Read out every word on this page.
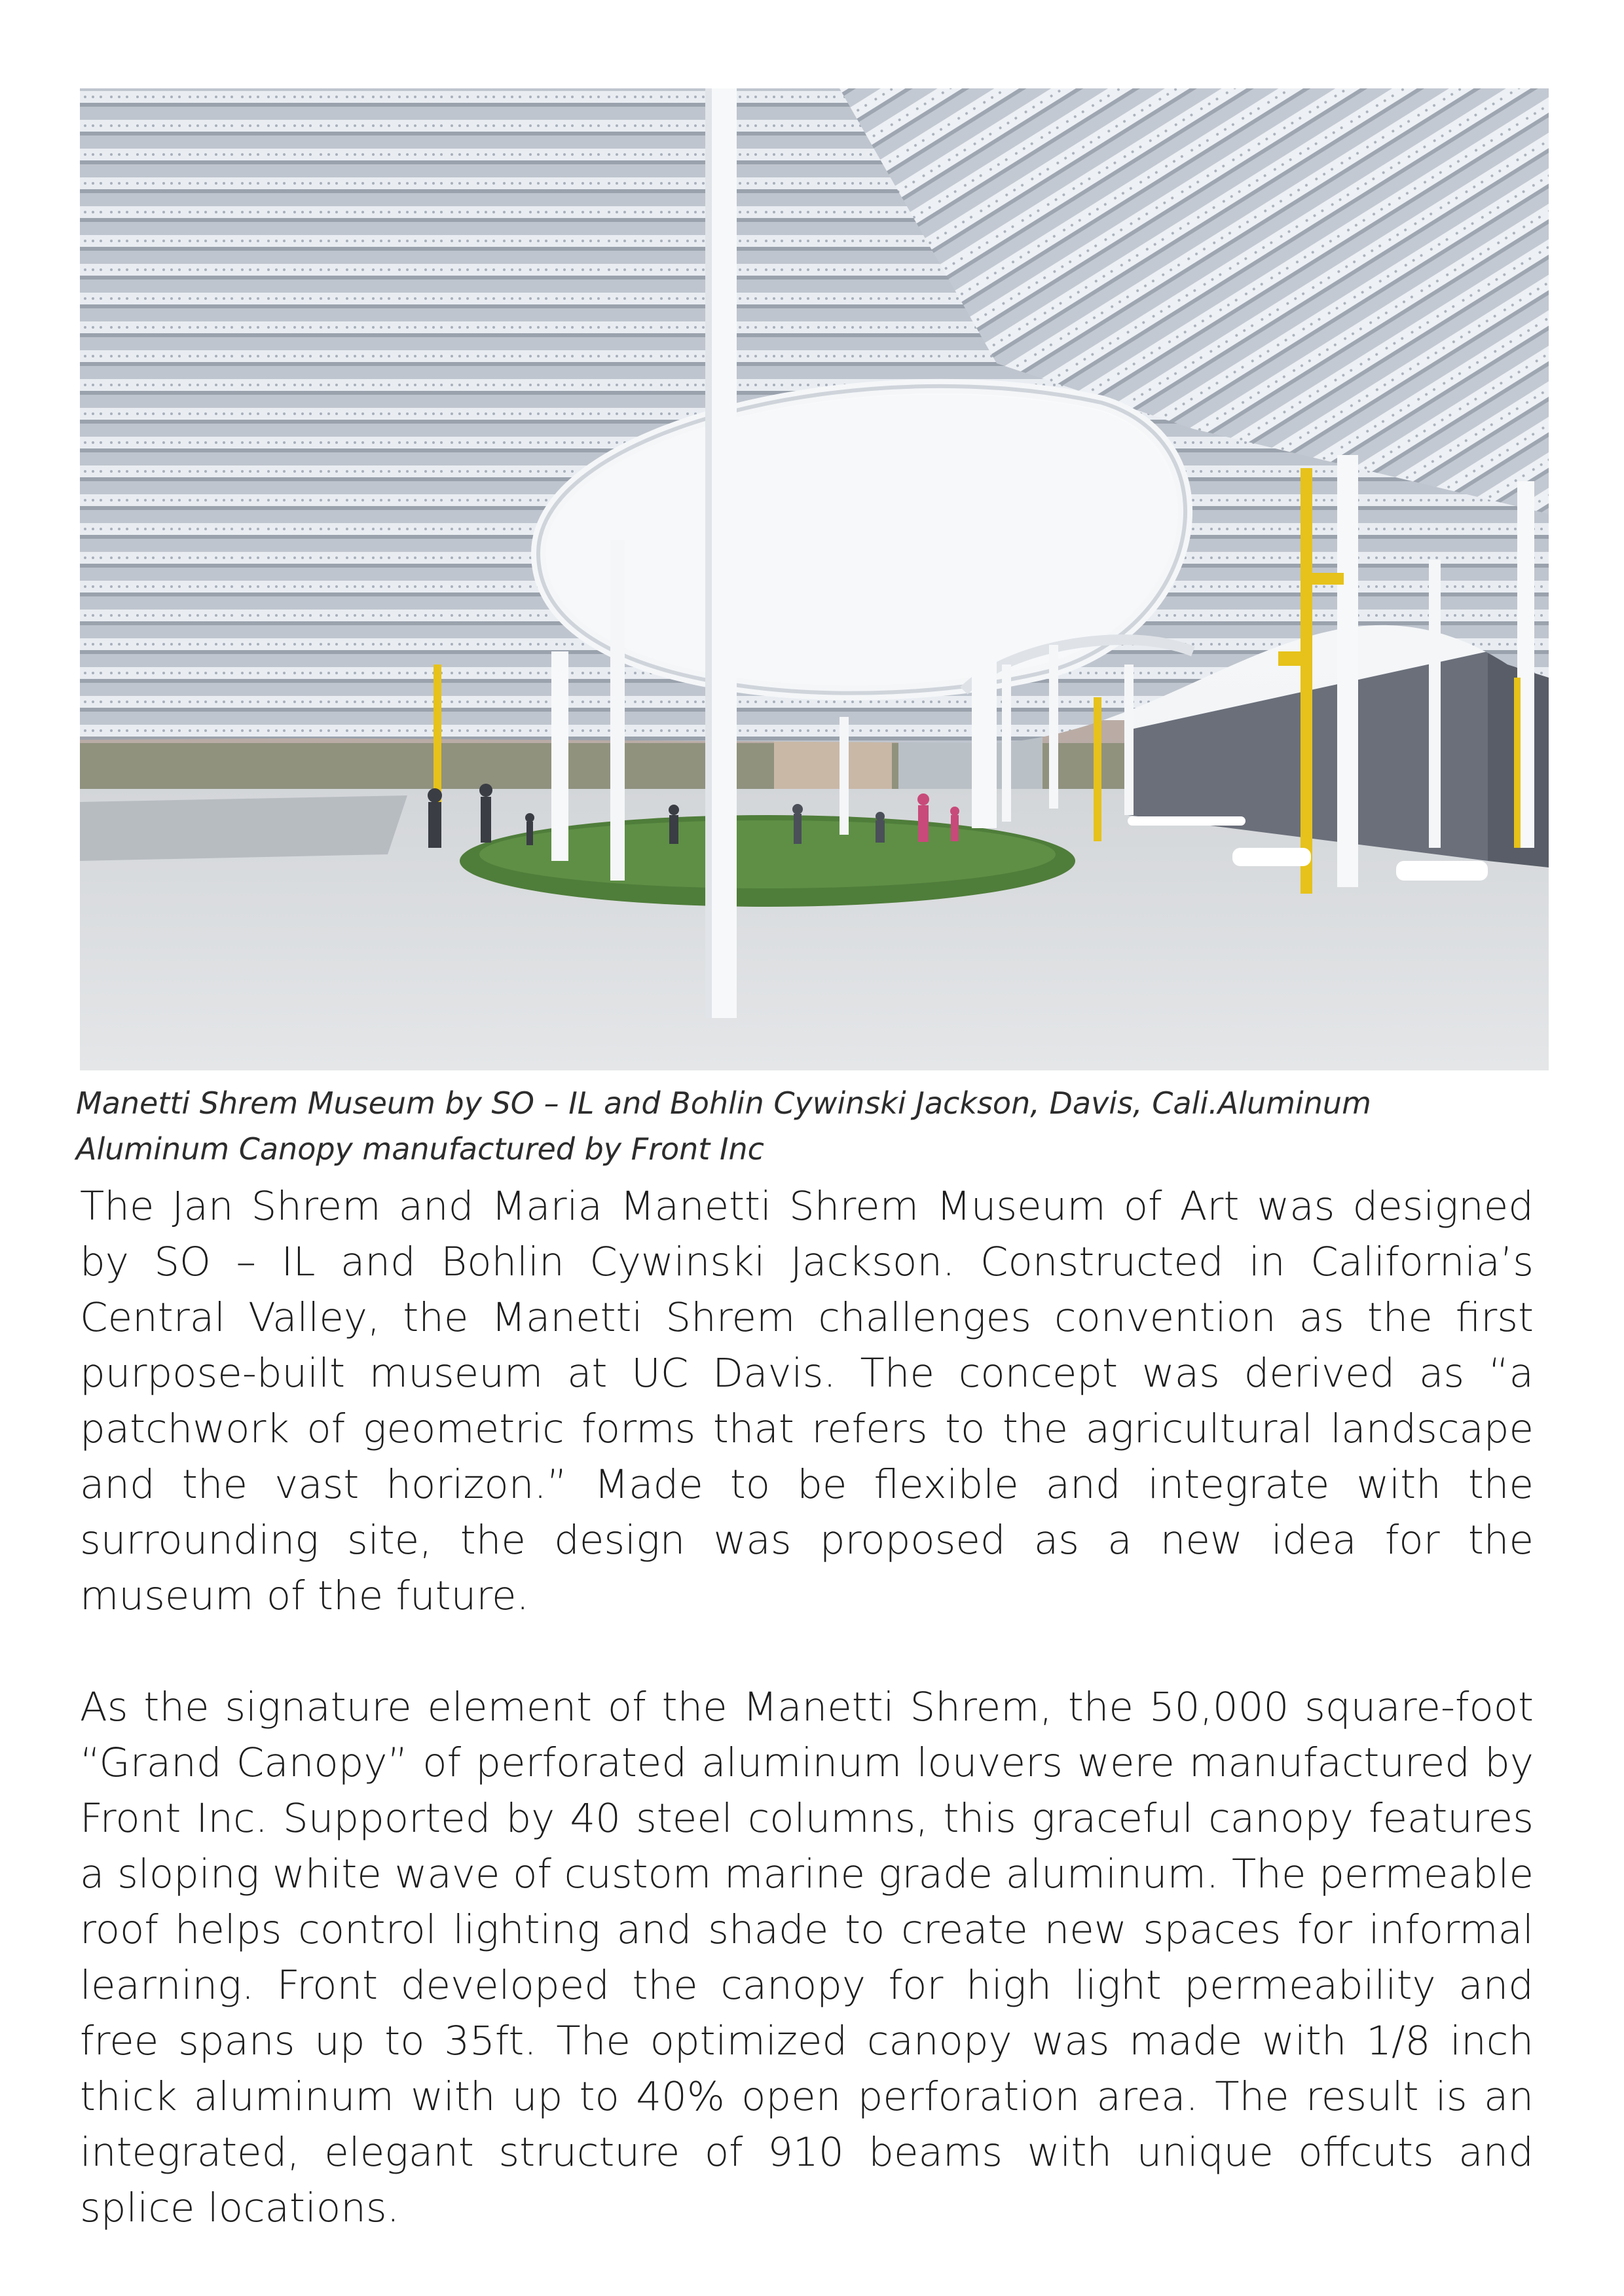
Manetti Shrem Museum by SO – IL and Bohlin Cywinski Jackson, Davis, Cali.Aluminum
Aluminum Canopy manufactured by Front Inc

The Jan Shrem and Maria Manetti Shrem Museum of Art was designed by SO – IL and Bohlin Cywinski Jackson. Constructed in California’s Central Valley, the Manetti Shrem challenges convention as the first purpose-built museum at UC Davis. The concept was derived as “a patchwork of geometric forms that refers to the agricultural landscape and the vast horizon.” Made to be flexible and integrate with the surrounding site, the design was proposed as a new idea for the museum of the future.

As the signature element of the Manetti Shrem, the 50,000 square-foot “Grand Canopy” of perforated aluminum louvers were manufactured by Front Inc. Supported by 40 steel columns, this graceful canopy features a sloping white wave of custom marine grade aluminum. The permeable roof helps control lighting and shade to create new spaces for informal learning. Front developed the canopy for high light permeability and free spans up to 35ft. The optimized canopy was made with 1/8 inch thick aluminum with up to 40% open perforation area. The result is an integrated, elegant structure of 910 beams with unique offcuts and splice locations.
